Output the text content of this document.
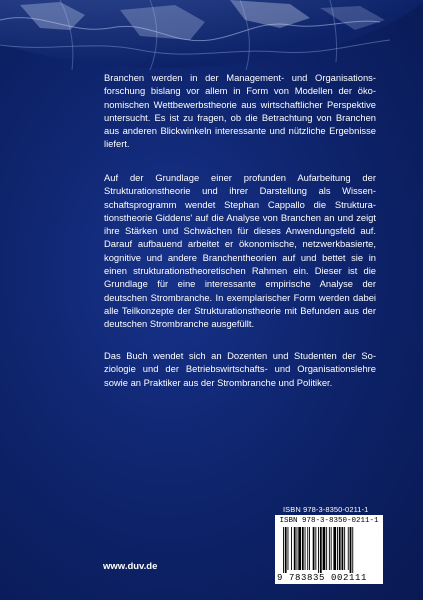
Branchen werden in der Management- und Organisationsforschung bislang vor allem in Form von Modellen der ökonomischen Wettbewerbstheorie aus wirtschaftlicher Perspektive untersucht. Es ist zu fragen, ob die Betrachtung von Branchen aus anderen Blickwinkeln interessante und nützliche Ergebnisse liefert.
Auf der Grundlage einer profunden Aufarbeitung der Strukturationstheorie und ihrer Darstellung als Wissenschaftsprogramm wendet Stephan Cappallo die Strukturationstheorie Giddens' auf die Analyse von Branchen an und zeigt ihre Stärken und Schwächen für dieses Anwendungsfeld auf. Darauf aufbauend arbeitet er ökonomische, netzwerkbasierte, kognitive und andere Branchentheorien auf und bettet sie in einen strukturationstheoretischen Rahmen ein. Dieser ist die Grundlage für eine interessante empirische Analyse der deutschen Strombranche. In exemplarischer Form werden dabei alle Teilkonzepte der Strukturationstheorie mit Befunden aus der deutschen Strombranche ausgefüllt.
Das Buch wendet sich an Dozenten und Studenten der Soziologie und der Betriebswirtschafts- und Organisationslehre sowie an Praktiker aus der Strombranche und Politiker.
ISBN 978-3-8350-0211-1
ISBN 978-3-8350-0211-1
9 783835 002111
www.duv.de
